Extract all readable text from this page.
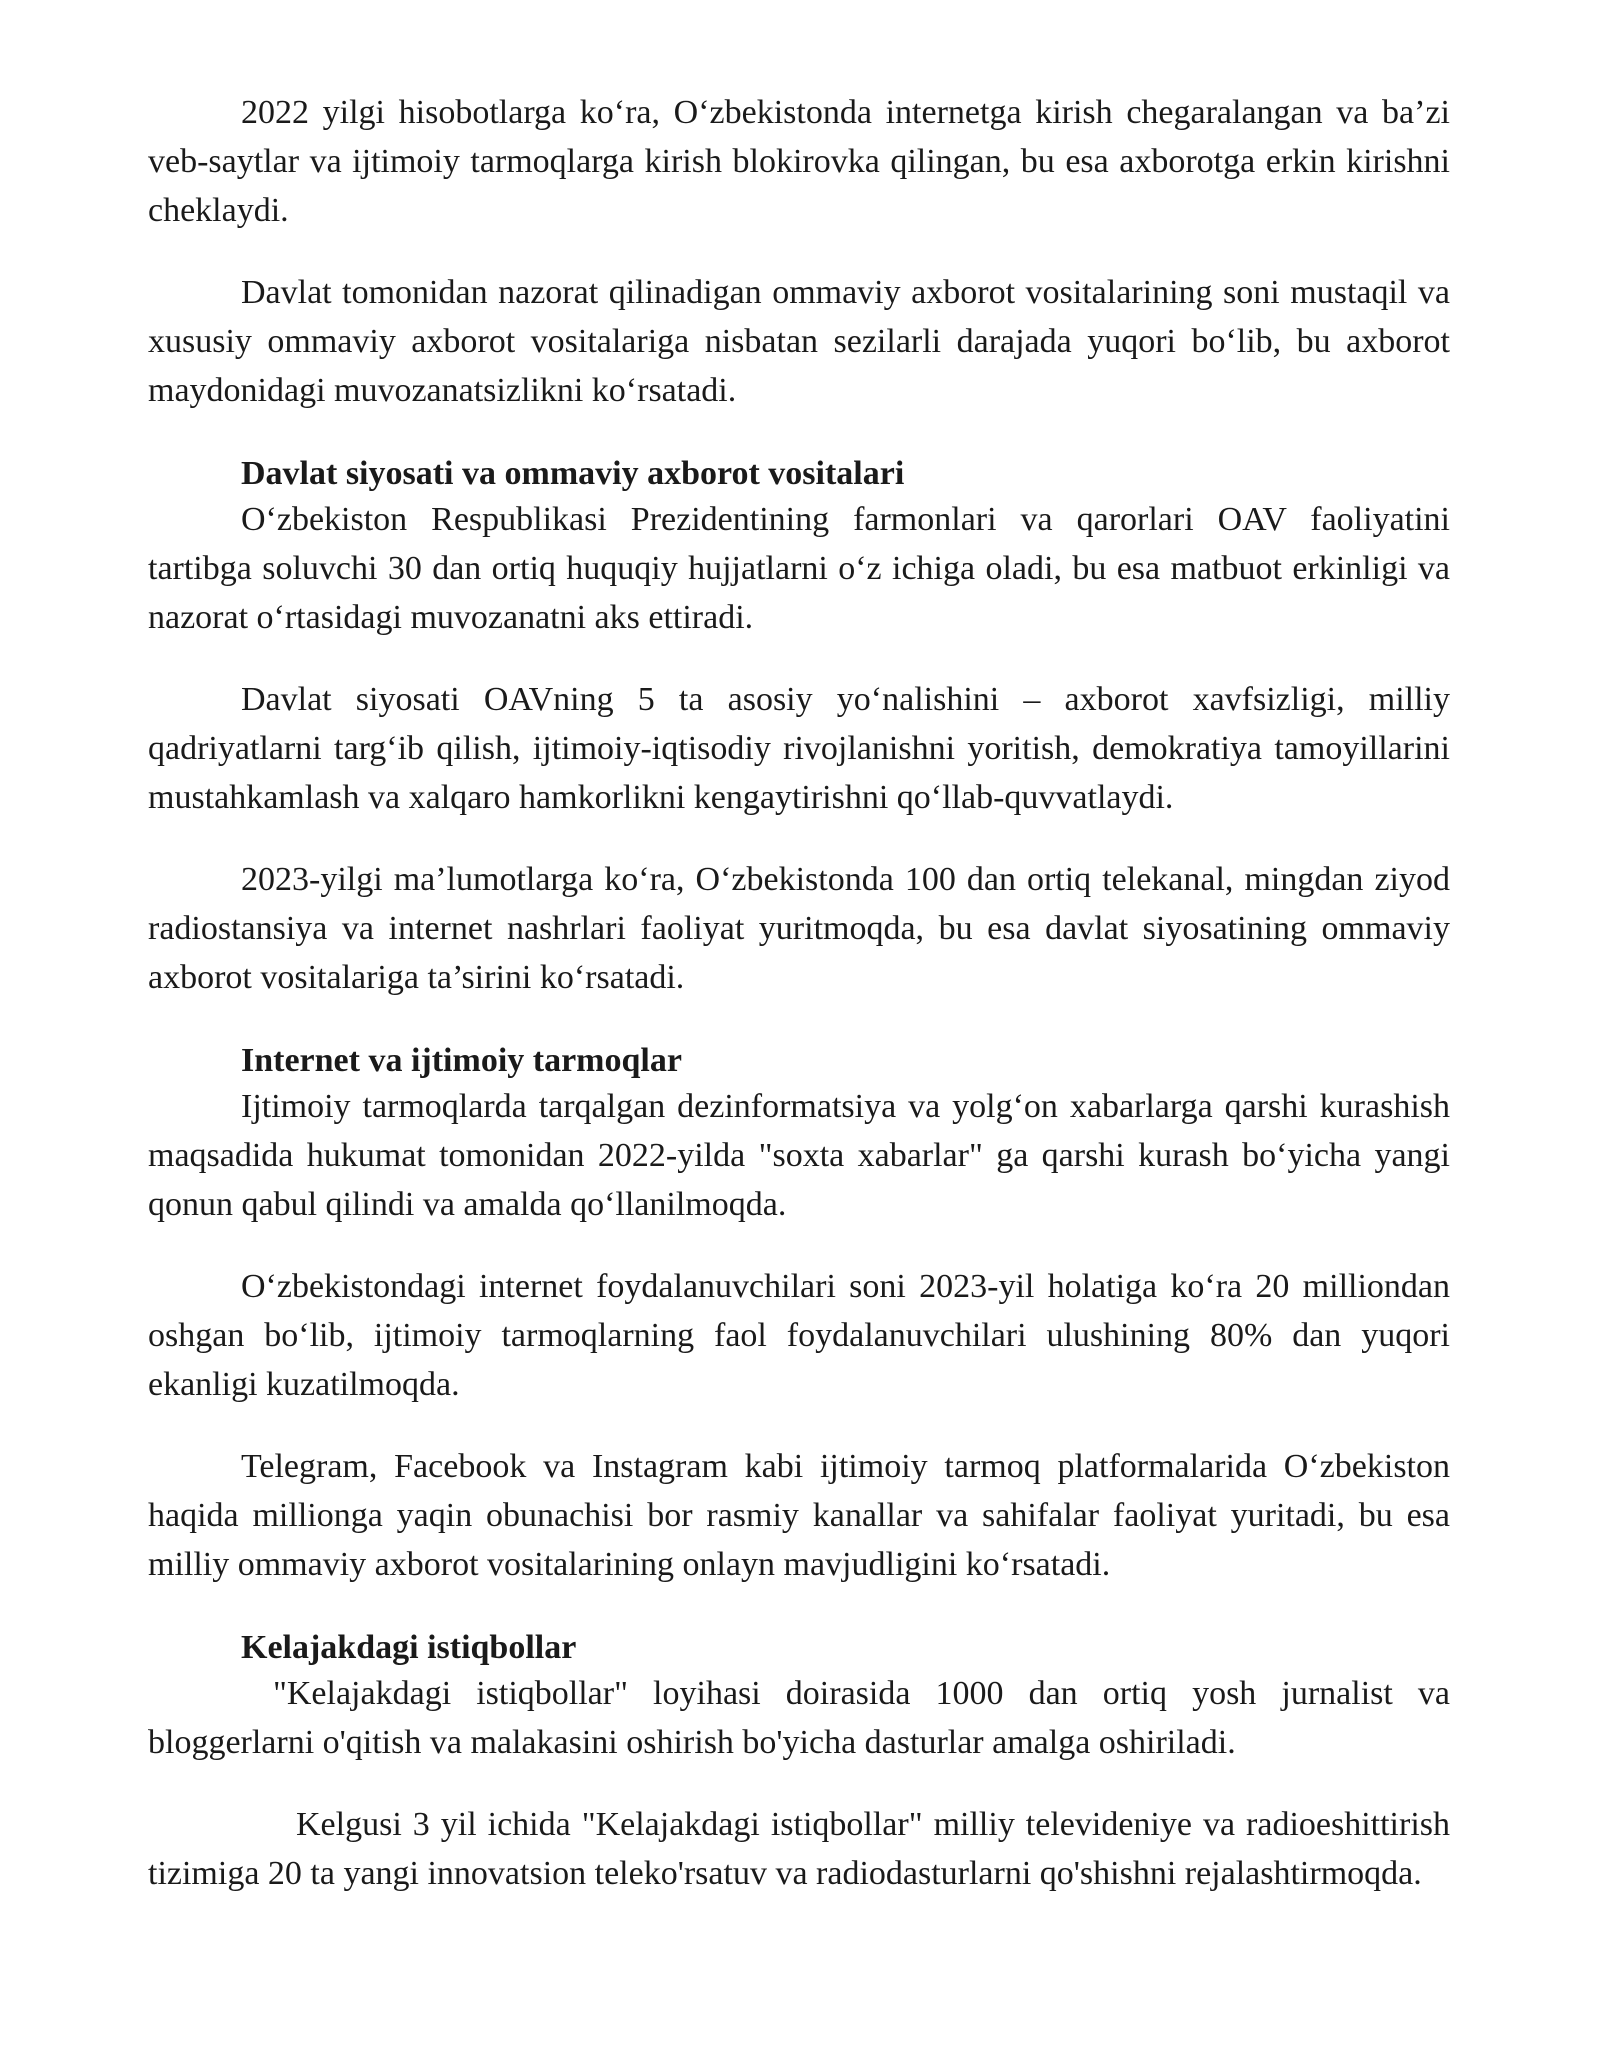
2022 yilgi hisobotlarga ko‘ra, O‘zbekistonda internetga kirish chegaralangan va ba’zi veb-saytlar va ijtimoiy tarmoqlarga kirish blokirovka qilingan, bu esa axborotga erkin kirishni cheklaydi.

Davlat tomonidan nazorat qilinadigan ommaviy axborot vositalarining soni mustaqil va xususiy ommaviy axborot vositalariga nisbatan sezilarli darajada yuqori bo‘lib, bu axborot maydonidagi muvozanatsizlikni ko‘rsatadi.

Davlat siyosati va ommaviy axborot vositalari

O‘zbekiston Respublikasi Prezidentining farmonlari va qarorlari OAV faoliyatini tartibga soluvchi 30 dan ortiq huquqiy hujjatlarni o‘z ichiga oladi, bu esa matbuot erkinligi va nazorat o‘rtasidagi muvozanatni aks ettiradi.

Davlat siyosati OAVning 5 ta asosiy yo‘nalishini – axborot xavfsizligi, milliy qadriyatlarni targ‘ib qilish, ijtimoiy-iqtisodiy rivojlanishni yoritish, demokratiya tamoyillarini mustahkamlash va xalqaro hamkorlikni kengaytirishni qo‘llab-quvvatlaydi.

2023-yilgi ma’lumotlarga ko‘ra, O‘zbekistonda 100 dan ortiq telekanal, mingdan ziyod radiostansiya va internet nashrlari faoliyat yuritmoqda, bu esa davlat siyosatining ommaviy axborot vositalariga ta’sirini ko‘rsatadi.

Internet va ijtimoiy tarmoqlar

Ijtimoiy tarmoqlarda tarqalgan dezinformatsiya va yolg‘on xabarlarga qarshi kurashish maqsadida hukumat tomonidan 2022-yilda "soxta xabarlar" ga qarshi kurash bo‘yicha yangi qonun qabul qilindi va amalda qo‘llanilmoqda.

O‘zbekistondagi internet foydalanuvchilari soni 2023-yil holatiga ko‘ra 20 milliondan oshgan bo‘lib, ijtimoiy tarmoqlarning faol foydalanuvchilari ulushining 80% dan yuqori ekanligi kuzatilmoqda.

Telegram, Facebook va Instagram kabi ijtimoiy tarmoq platformalarida O‘zbekiston haqida millionga yaqin obunachisi bor rasmiy kanallar va sahifalar faoliyat yuritadi, bu esa milliy ommaviy axborot vositalarining onlayn mavjudligini ko‘rsatadi.

Kelajakdagi istiqbollar

"Kelajakdagi istiqbollar" loyihasi doirasida 1000 dan ortiq yosh jurnalist va bloggerlarni o'qitish va malakasini oshirish bo'yicha dasturlar amalga oshiriladi.

Kelgusi 3 yil ichida "Kelajakdagi istiqbollar" milliy televideniye va radioeshittirish tizimiga 20 ta yangi innovatsion teleko'rsatuv va radiodasturlarni qo'shishni rejalashtirmoqda.
